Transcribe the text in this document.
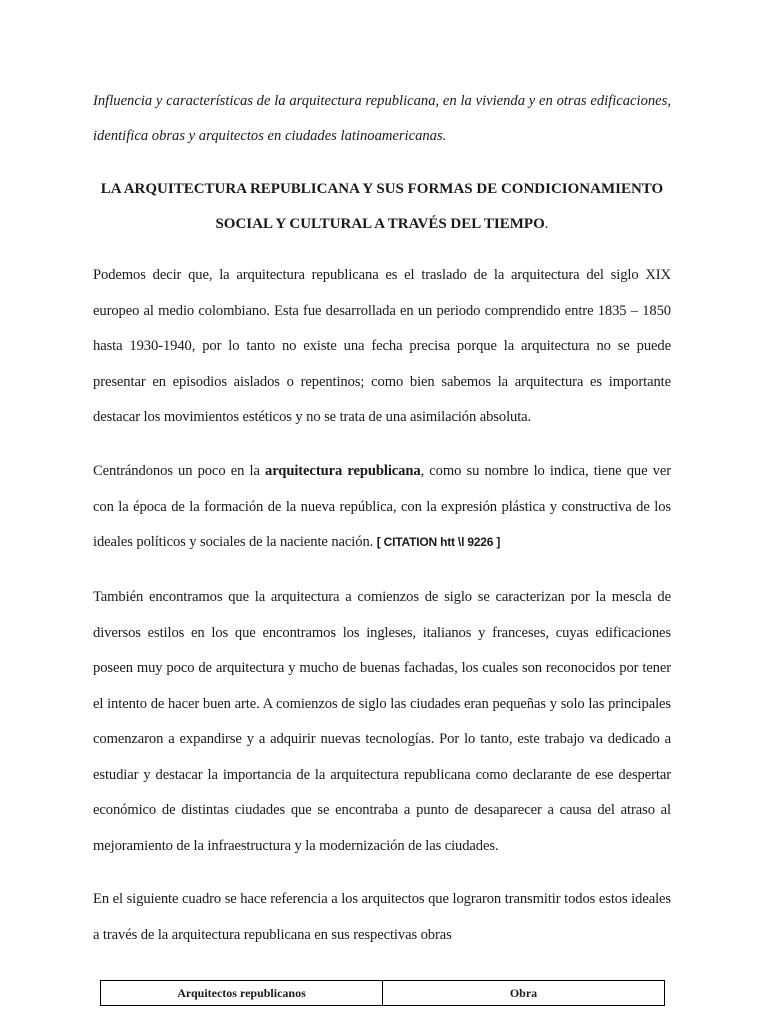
Influencia y características de la arquitectura republicana, en la vivienda y en otras edificaciones, identifica obras y arquitectos en ciudades latinoamericanas.

LA ARQUITECTURA REPUBLICANA Y SUS FORMAS DE CONDICIONAMIENTO SOCIAL Y CULTURAL A TRAVÉS DEL TIEMPO.

Podemos decir que, la arquitectura republicana es el traslado de la arquitectura del siglo XIX europeo al medio colombiano. Esta fue desarrollada en un periodo comprendido entre 1835 – 1850 hasta 1930-1940, por lo tanto no existe una fecha precisa porque la arquitectura no se puede presentar en episodios aislados o repentinos; como bien sabemos la arquitectura es importante destacar los movimientos estéticos y no se trata de una asimilación absoluta.

Centrándonos un poco en la arquitectura republicana, como su nombre lo indica, tiene que ver con la época de la formación de la nueva república, con la expresión plástica y constructiva de los ideales políticos y sociales de la naciente nación. [ CITATION htt \l 9226 ]

También encontramos que la arquitectura a comienzos de siglo se caracterizan por la mescla de diversos estilos en los que encontramos los ingleses, italianos y franceses, cuyas edificaciones poseen muy poco de arquitectura y mucho de buenas fachadas, los cuales son reconocidos por tener el intento de hacer buen arte. A comienzos de siglo las ciudades eran pequeñas y solo las principales comenzaron a expandirse y a adquirir nuevas tecnologías. Por lo tanto, este trabajo va dedicado a estudiar y destacar la importancia de la arquitectura republicana como declarante de ese despertar económico de distintas ciudades que se encontraba a punto de desaparecer a causa del atraso al mejoramiento de la infraestructura y la modernización de las ciudades.

En el siguiente cuadro se hace referencia a los arquitectos que lograron transmitir todos estos ideales a través de la arquitectura republicana en sus respectivas obras

Arquitectos republicanos	Obra
